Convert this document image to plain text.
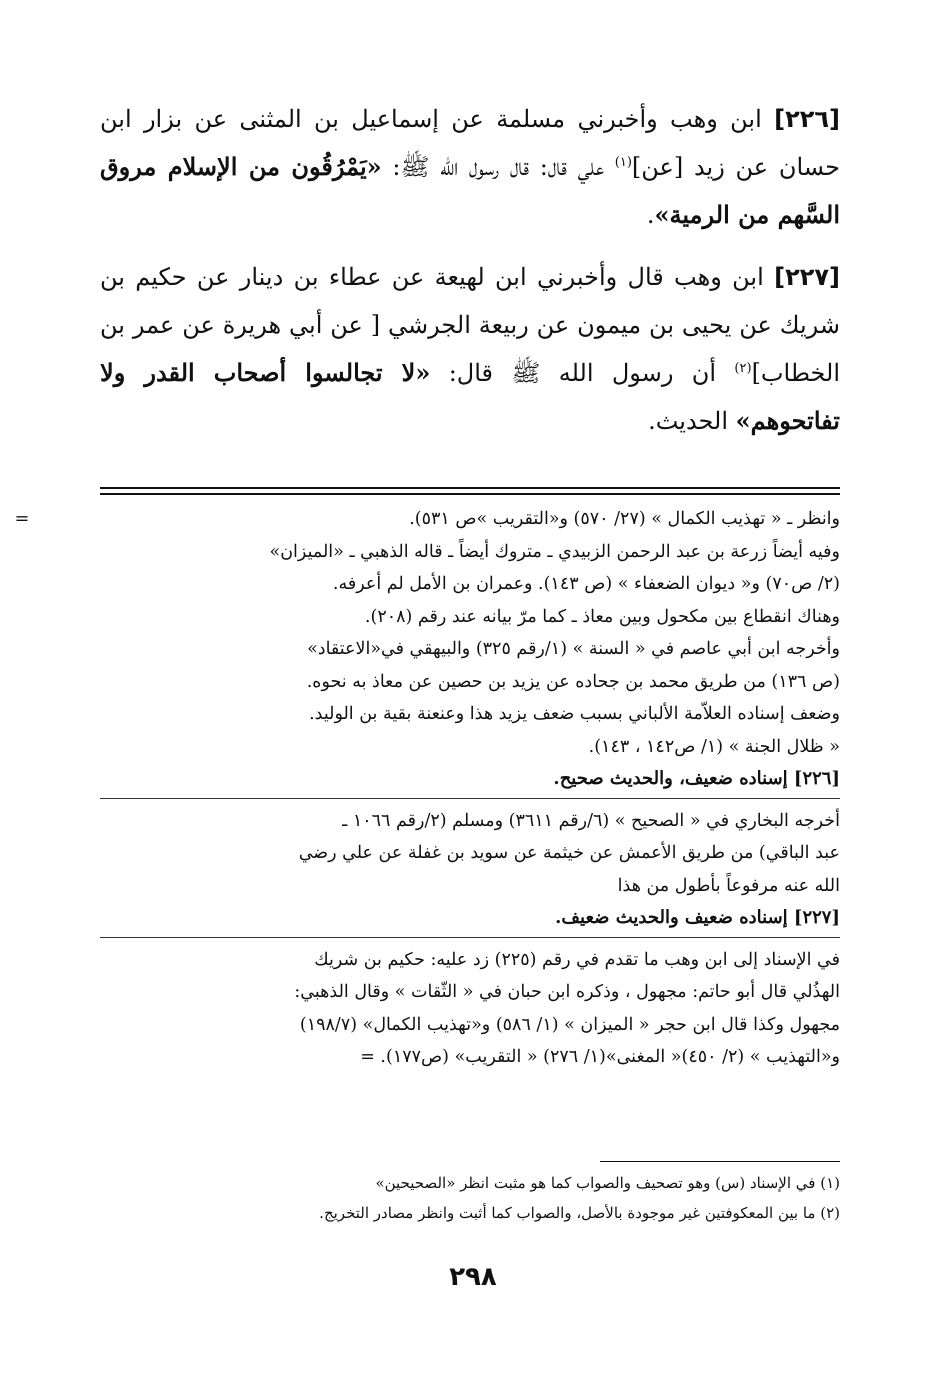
[٢٢٦] ابن وهب وأخبرني مسلمة عن إسماعيل بن المثنى عن بزار ابن حسان عن زيد [عن]$^{(١)}$ علي قال: قال رسول الله ﷺ: «يَمْرُقُون من الإسلام مروق السَّهم من الرمية».

[٢٢٧] ابن وهب قال وأخبرني ابن لهيعة عن عطاء بن دينار عن حكيم بن شريك عن يحيى بن ميمون عن ربيعة الجرشي [ عن أبي هريرة عن عمر بن الخطاب]$^{(٢)}$ أن رسول الله ﷺ قال: «لا تجالسوا أصحاب القدر ولا تفاتحوهم» الحديث.

=	وانظر ـ « تهذيب الكمال » (٢٧/ ٥٧٠) و«التقريب »ص ٥٣١).
وفيه أيضاً زرعة بن عبد الرحمن الزبيدي ـ متروك أيضاً ـ قاله الذهبي ـ «الميزان»
(٢/ ص٧٠) و« ديوان الضعفاء » (ص ١٤٣). وعمران بن الأمل لم أعرفه.
وهناك انقطاع بين مكحول وبين معاذ ـ كما مرّ بيانه عند رقم (٢٠٨).
وأخرجه ابن أبي عاصم في « السنة » (١/رقم ٣٢٥) والبيهقي في«الاعتقاد»
(ص ١٣٦) من طريق محمد بن جحاده عن يزيد بن حصين عن معاذ به نحوه.
وضعف إسناده العلاّمة الألباني بسبب ضعف يزيد هذا وعنعنة بقية بن الوليد.
« ظلال الجنة » (١/ ص١٤٢ ، ١٤٣).
[٢٢٦] إسناده ضعيف، والحديث صحيح.
أخرجه البخاري في « الصحيح » (٦/رقم ٣٦١١) ومسلم (٢/رقم ١٠٦٦ ـ
عبد الباقي) من طريق الأعمش عن خيثمة عن سويد بن غفلة عن علي رضي
الله عنه مرفوعاً بأطول من هذا
[٢٢٧] إسناده ضعيف والحديث ضعيف.
في الإسناد إلى ابن وهب ما تقدم في رقم (٢٢٥) زد عليه: حكيم بن شريك
الهذُلي قال أبو حاتم: مجهول ، وذكره ابن حبان في « الثّقات » وقال الذهبي:
مجهول وكذا قال ابن حجر « الميزان » (١/ ٥٨٦) و«تهذيب الكمال» (١٩٨/٧)
و«التهذيب » (٢/ ٤٥٠)« المغنى»(١/ ٢٧٦) « التقريب» (ص١٧٧). =
(١) في الإسناد (س) وهو تصحيف والصواب كما هو مثبت انظر «الصحيحين»
(٢) ما بين المعكوفتين غير موجودة بالأصل، والصواب كما أثبت وانظر مصادر التخريج.
٢٩٨
